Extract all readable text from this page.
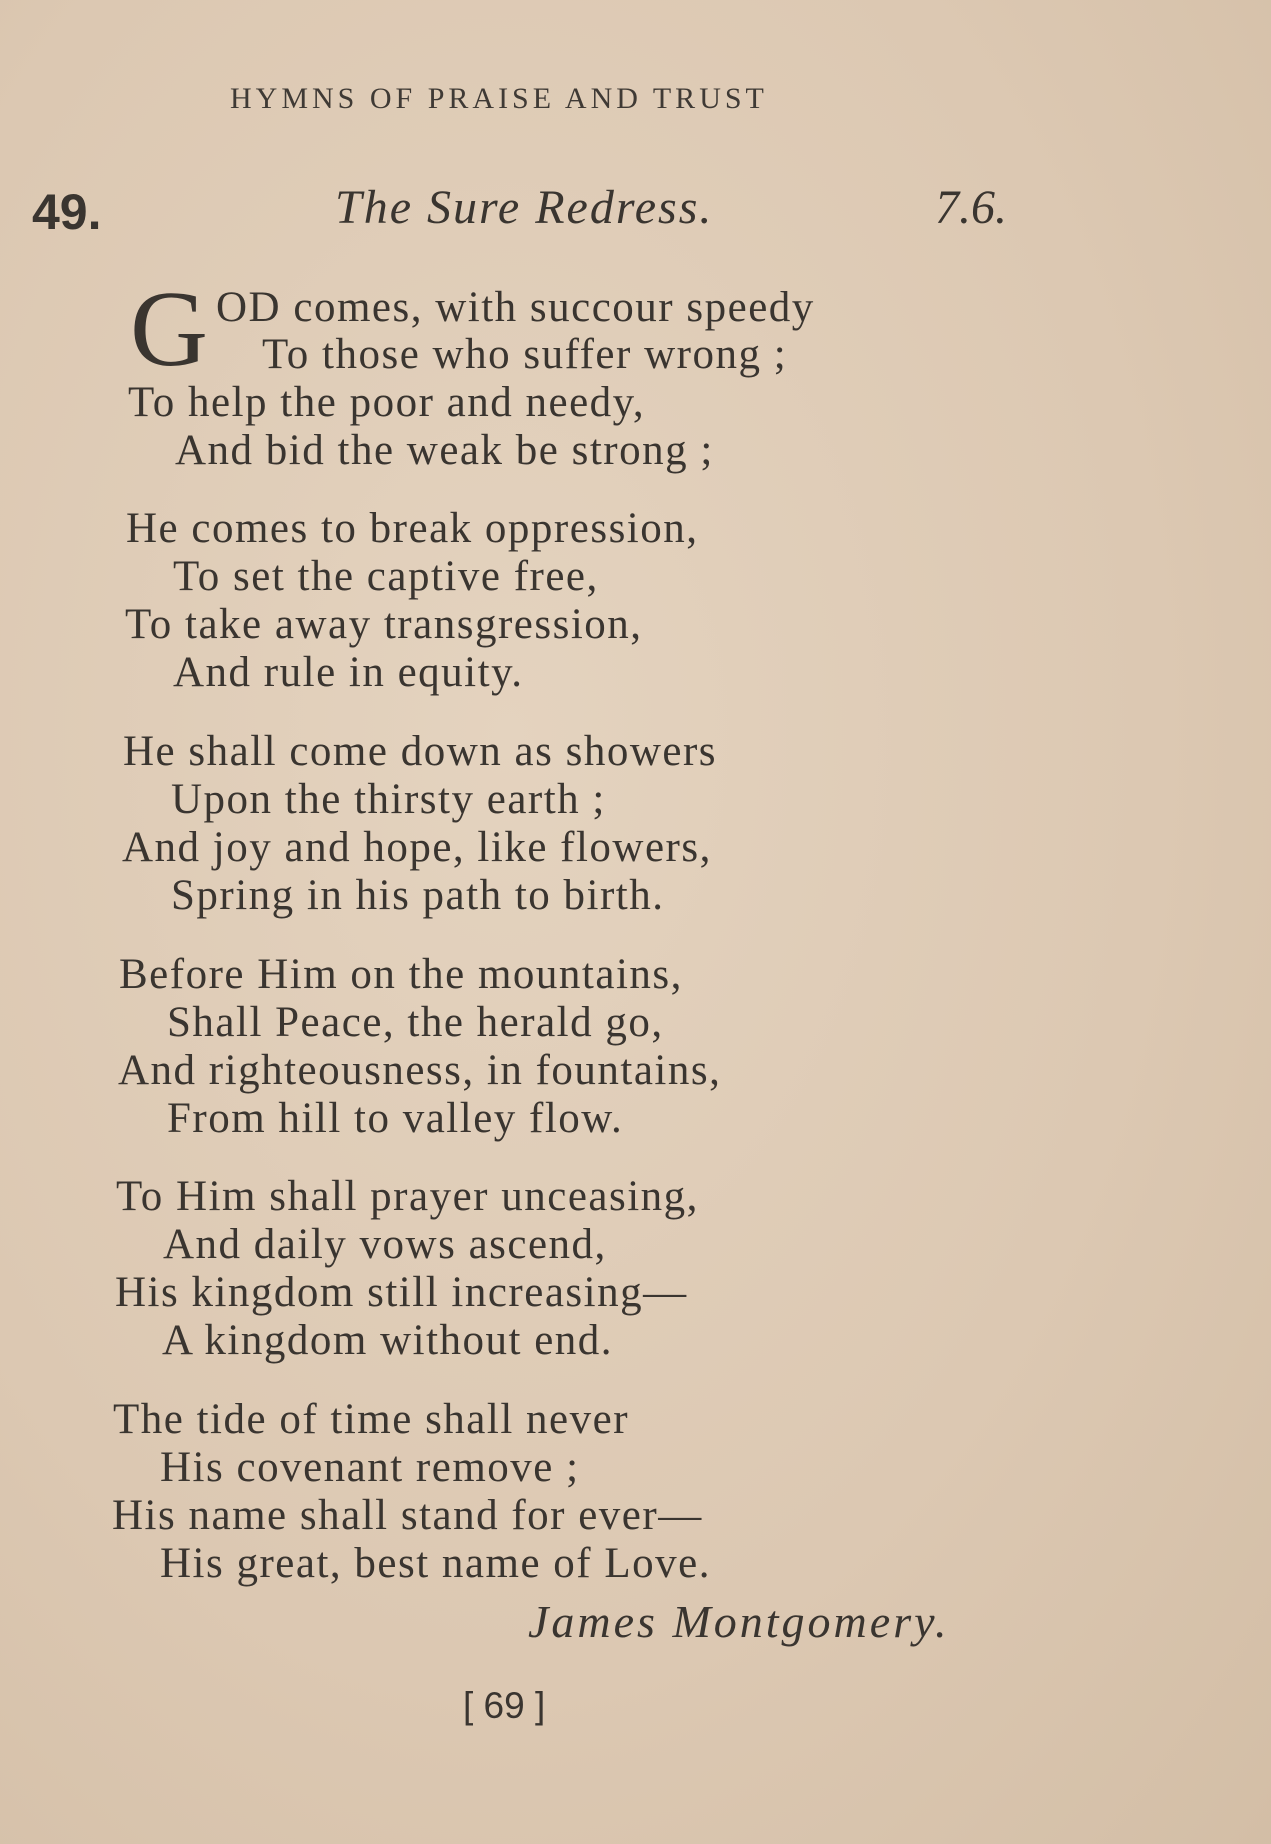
HYMNS OF PRAISE AND TRUST
49.	The Sure Redress.	7.6.
G OD comes, with succour speedy
To those who suffer wrong ;
To help the poor and needy,
And bid the weak be strong ;
He comes to break oppression,
To set the captive free,
To take away transgression,
And rule in equity.
He shall come down as showers
Upon the thirsty earth ;
And joy and hope, like flowers,
Spring in his path to birth.
Before Him on the mountains,
Shall Peace, the herald go,
And righteousness, in fountains,
From hill to valley flow.
To Him shall prayer unceasing,
And daily vows ascend,
His kingdom still increasing—
A kingdom without end.
The tide of time shall never
His covenant remove ;
His name shall stand for ever—
His great, best name of Love.
James Montgomery.
[ 69 ]
